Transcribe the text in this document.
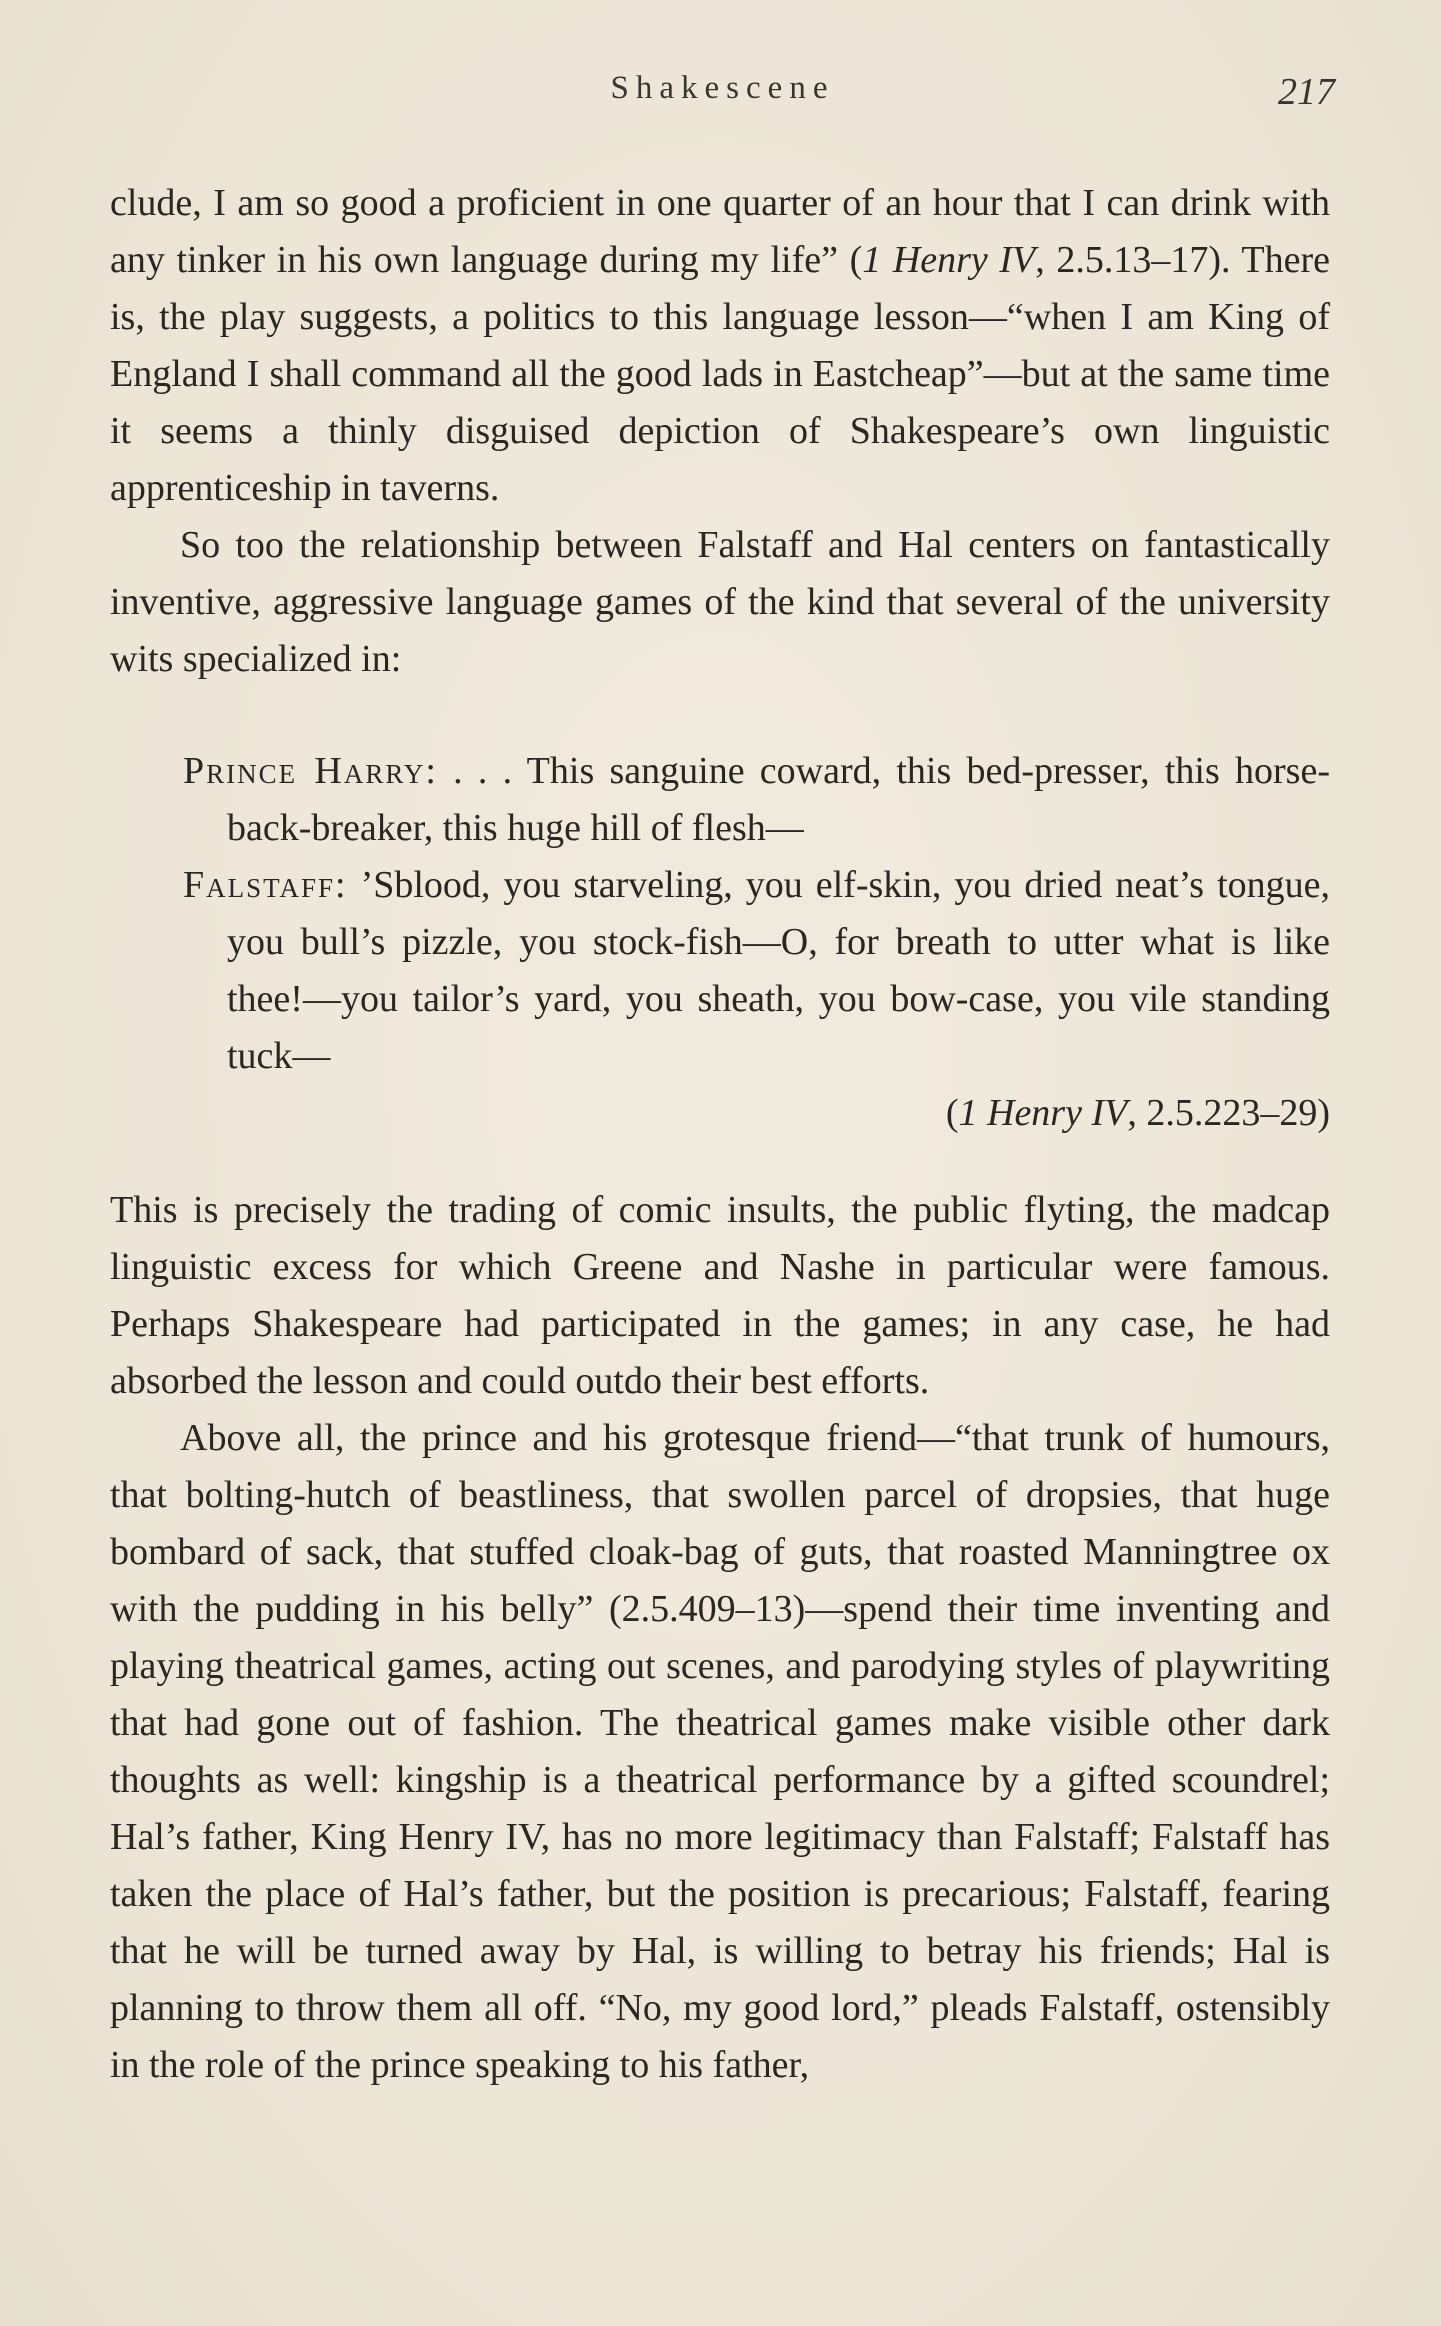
Shakescene	217

clude, I am so good a proficient in one quarter of an hour that I can drink with any tinker in his own language during my life” (1 Henry IV, 2.5.13–17). There is, the play suggests, a politics to this language lesson—“when I am King of England I shall command all the good lads in Eastcheap”—but at the same time it seems a thinly disguised depiction of Shakespeare’s own linguistic apprenticeship in taverns.

So too the relationship between Falstaff and Hal centers on fantastically inventive, aggressive language games of the kind that several of the university wits specialized in:

Prince Harry: . . . This sanguine coward, this bed-presser, this horse-back-breaker, this huge hill of flesh—
Falstaff: ’Sblood, you starveling, you elf-skin, you dried neat’s tongue, you bull’s pizzle, you stock-fish—O, for breath to utter what is like thee!—you tailor’s yard, you sheath, you bow-case, you vile standing tuck—
(1 Henry IV, 2.5.223–29)

This is precisely the trading of comic insults, the public flyting, the madcap linguistic excess for which Greene and Nashe in particular were famous. Perhaps Shakespeare had participated in the games; in any case, he had absorbed the lesson and could outdo their best efforts.

Above all, the prince and his grotesque friend—“that trunk of humours, that bolting-hutch of beastliness, that swollen parcel of dropsies, that huge bombard of sack, that stuffed cloak-bag of guts, that roasted Manningtree ox with the pudding in his belly” (2.5.409–13)—spend their time inventing and playing theatrical games, acting out scenes, and parodying styles of playwriting that had gone out of fashion. The theatrical games make visible other dark thoughts as well: kingship is a theatrical performance by a gifted scoundrel; Hal’s father, King Henry IV, has no more legitimacy than Falstaff; Falstaff has taken the place of Hal’s father, but the position is precarious; Falstaff, fearing that he will be turned away by Hal, is willing to betray his friends; Hal is planning to throw them all off. “No, my good lord,” pleads Falstaff, ostensibly in the role of the prince speaking to his father,
